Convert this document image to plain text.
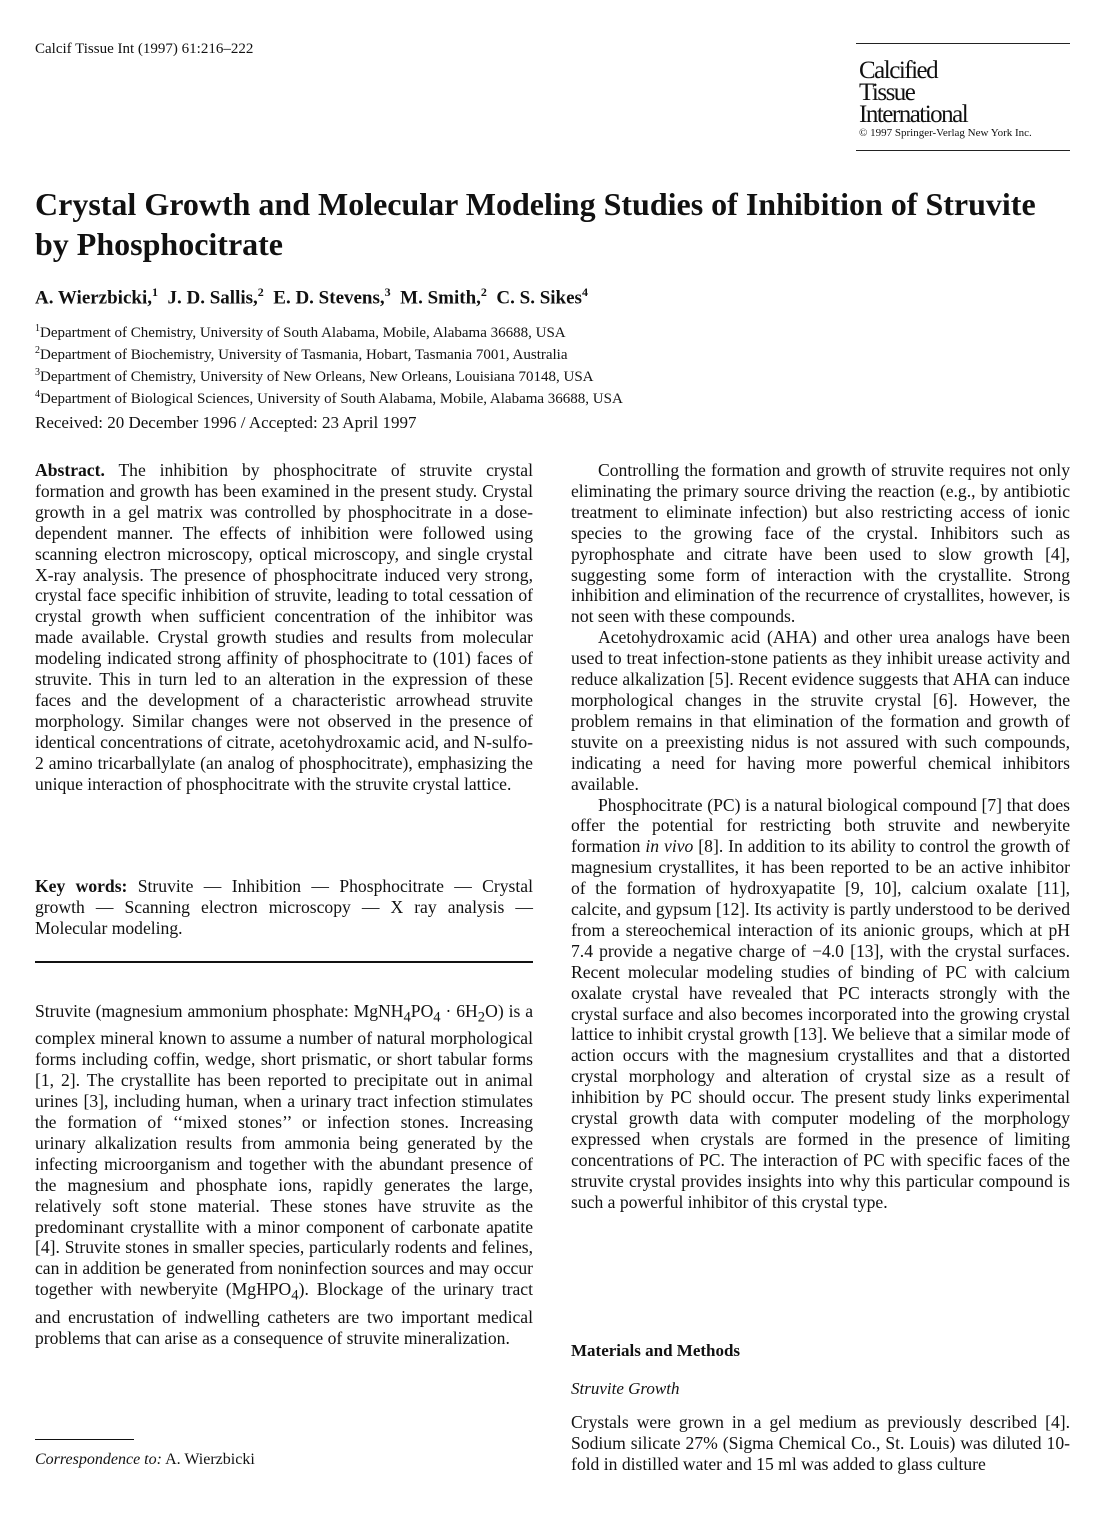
Calcif Tissue Int (1997) 61:216–222
Calcified
Tissue
International
© 1997 Springer-Verlag New York Inc.
Crystal Growth and Molecular Modeling Studies of Inhibition of Struvite by Phosphocitrate
A. Wierzbicki,$^1$ J. D. Sallis,$^2$ E. D. Stevens,$^3$ M. Smith,$^2$ C. S. Sikes$^4$
$^1$Department of Chemistry, University of South Alabama, Mobile, Alabama 36688, USA
$^2$Department of Biochemistry, University of Tasmania, Hobart, Tasmania 7001, Australia
$^3$Department of Chemistry, University of New Orleans, New Orleans, Louisiana 70148, USA
$^4$Department of Biological Sciences, University of South Alabama, Mobile, Alabama 36688, USA
Received: 20 December 1996 / Accepted: 23 April 1997

Abstract. The inhibition by phosphocitrate of struvite crystal formation and growth has been examined in the present study. Crystal growth in a gel matrix was controlled by phosphocitrate in a dose-dependent manner. The effects of inhibition were followed using scanning electron microscopy, optical microscopy, and single crystal X-ray analysis. The presence of phosphocitrate induced very strong, crystal face specific inhibition of struvite, leading to total cessation of crystal growth when sufficient concentration of the inhibitor was made available. Crystal growth studies and results from molecular modeling indicated strong affinity of phosphocitrate to (101) faces of struvite. This in turn led to an alteration in the expression of these faces and the development of a characteristic arrowhead struvite morphology. Similar changes were not observed in the presence of identical concentrations of citrate, acetohydroxamic acid, and N-sulfo-2 amino tricarballylate (an analog of phosphocitrate), emphasizing the unique interaction of phosphocitrate with the struvite crystal lattice.

Key words: Struvite — Inhibition — Phosphocitrate — Crystal growth — Scanning electron microscopy — X ray analysis — Molecular modeling.

Struvite (magnesium ammonium phosphate: $MgNH_4PO_4 \cdot 6H_2O$) is a complex mineral known to assume a number of natural morphological forms including coffin, wedge, short prismatic, or short tabular forms [1, 2]. The crystallite has been reported to precipitate out in animal urines [3], including human, when a urinary tract infection stimulates the formation of ‘‘mixed stones’’ or infection stones. Increasing urinary alkalization results from ammonia being generated by the infecting microorganism and together with the abundant presence of the magnesium and phosphate ions, rapidly generates the large, relatively soft stone material. These stones have struvite as the predominant crystallite with a minor component of carbonate apatite [4]. Struvite stones in smaller species, particularly rodents and felines, can in addition be generated from noninfection sources and may occur together with newberyite (MgHPO$_4$). Blockage of the urinary tract and encrustation of indwelling catheters are two important medical problems that can arise as a consequence of struvite mineralization.

Correspondence to: A. Wierzbicki

Controlling the formation and growth of struvite requires not only eliminating the primary source driving the reaction (e.g., by antibiotic treatment to eliminate infection) but also restricting access of ionic species to the growing face of the crystal. Inhibitors such as pyrophosphate and citrate have been used to slow growth [4], suggesting some form of interaction with the crystallite. Strong inhibition and elimination of the recurrence of crystallites, however, is not seen with these compounds.

Acetohydroxamic acid (AHA) and other urea analogs have been used to treat infection-stone patients as they inhibit urease activity and reduce alkalization [5]. Recent evidence suggests that AHA can induce morphological changes in the struvite crystal [6]. However, the problem remains in that elimination of the formation and growth of stuvite on a preexisting nidus is not assured with such compounds, indicating a need for having more powerful chemical inhibitors available.

Phosphocitrate (PC) is a natural biological compound [7] that does offer the potential for restricting both struvite and newberyite formation in vivo [8]. In addition to its ability to control the growth of magnesium crystallites, it has been reported to be an active inhibitor of the formation of hydroxyapatite [9, 10], calcium oxalate [11], calcite, and gypsum [12]. Its activity is partly understood to be derived from a stereochemical interaction of its anionic groups, which at pH 7.4 provide a negative charge of −4.0 [13], with the crystal surfaces. Recent molecular modeling studies of binding of PC with calcium oxalate crystal have revealed that PC interacts strongly with the crystal surface and also becomes incorporated into the growing crystal lattice to inhibit crystal growth [13]. We believe that a similar mode of action occurs with the magnesium crystallites and that a distorted crystal morphology and alteration of crystal size as a result of inhibition by PC should occur. The present study links experimental crystal growth data with computer modeling of the morphology expressed when crystals are formed in the presence of limiting concentrations of PC. The interaction of PC with specific faces of the struvite crystal provides insights into why this particular compound is such a powerful inhibitor of this crystal type.

Materials and Methods
Struvite Growth

Crystals were grown in a gel medium as previously described [4]. Sodium silicate 27% (Sigma Chemical Co., St. Louis) was diluted 10-fold in distilled water and 15 ml was added to glass culture
